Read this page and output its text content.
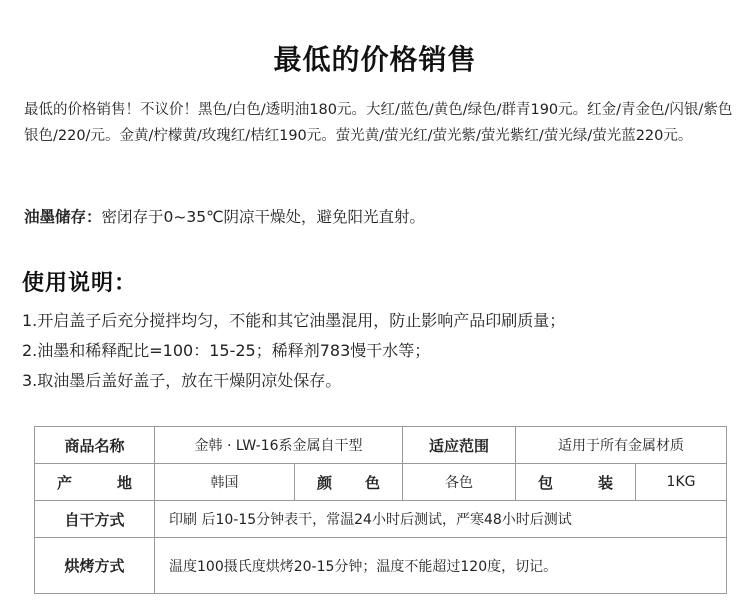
最低的价格销售
最低的价格销售！不议价！黑色/白色/透明油180元。大红/蓝色/黄色/绿色/群青190元。红金/青金色/闪银/紫色银色/220/元。金黄/柠檬黄/玫瑰红/桔红190元。萤光黄/萤光红/萤光紫/萤光紫红/萤光绿/萤光蓝220元。
油墨储存：密闭存于0~35℃阴凉干燥处，避免阳光直射。
使用说明：
1.开启盖子后充分搅拌均匀，不能和其它油墨混用，防止影响产品印刷质量；
2.油墨和稀释配比=100：15-25；稀释剂783慢干水等；
3.取油墨后盖好盖子，放在干燥阴凉处保存。
商品名称	金韩 · LW-16系金属自干型		适应范围	适用于所有金属材质	
产 地	韩国	颜 色	各色	包 装	1KG
自干方式	印刷 后10-15分钟表干，常温24小时后测试，严寒48小时后测试				
烘烤方式	温度100摄氏度烘烤20-15分钟；温度不能超过120度，切记。				
